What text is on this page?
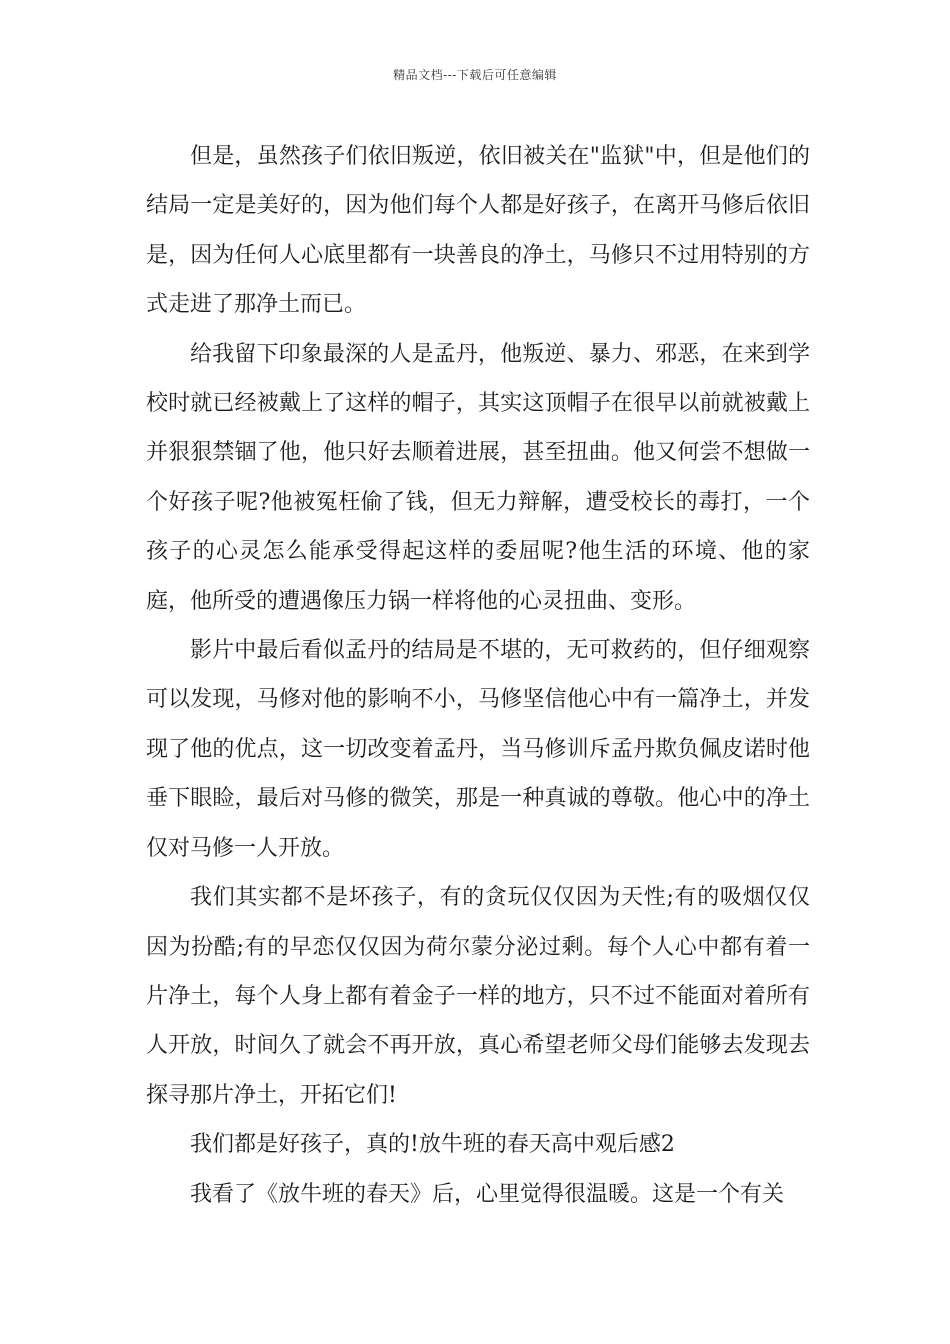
精品文档---下载后可任意编辑

但是，虽然孩子们依旧叛逆，依旧被关在"监狱"中，但是他们的结局一定是美好的，因为他们每个人都是好孩子，在离开马修后依旧是，因为任何人心底里都有一块善良的净土，马修只不过用特别的方式走进了那净土而已。

给我留下印象最深的人是孟丹，他叛逆、暴力、邪恶，在来到学校时就已经被戴上了这样的帽子，其实这顶帽子在很早以前就被戴上并狠狠禁锢了他，他只好去顺着进展，甚至扭曲。他又何尝不想做一个好孩子呢?他被冤枉偷了钱，但无力辩解，遭受校长的毒打，一个孩子的心灵怎么能承受得起这样的委屈呢?他生活的环境、他的家庭，他所受的遭遇像压力锅一样将他的心灵扭曲、变形。

影片中最后看似孟丹的结局是不堪的，无可救药的，但仔细观察可以发现，马修对他的影响不小，马修坚信他心中有一篇净土，并发现了他的优点，这一切改变着孟丹，当马修训斥孟丹欺负佩皮诺时他垂下眼睑，最后对马修的微笑，那是一种真诚的尊敬。他心中的净土仅对马修一人开放。

我们其实都不是坏孩子，有的贪玩仅仅因为天性;有的吸烟仅仅因为扮酷;有的早恋仅仅因为荷尔蒙分泌过剩。每个人心中都有着一片净土，每个人身上都有着金子一样的地方，只不过不能面对着所有人开放，时间久了就会不再开放，真心希望老师父母们能够去发现去探寻那片净土，开拓它们!

我们都是好孩子，真的!放牛班的春天高中观后感2

我看了《放牛班的春天》后，心里觉得很温暖。这是一个有关
